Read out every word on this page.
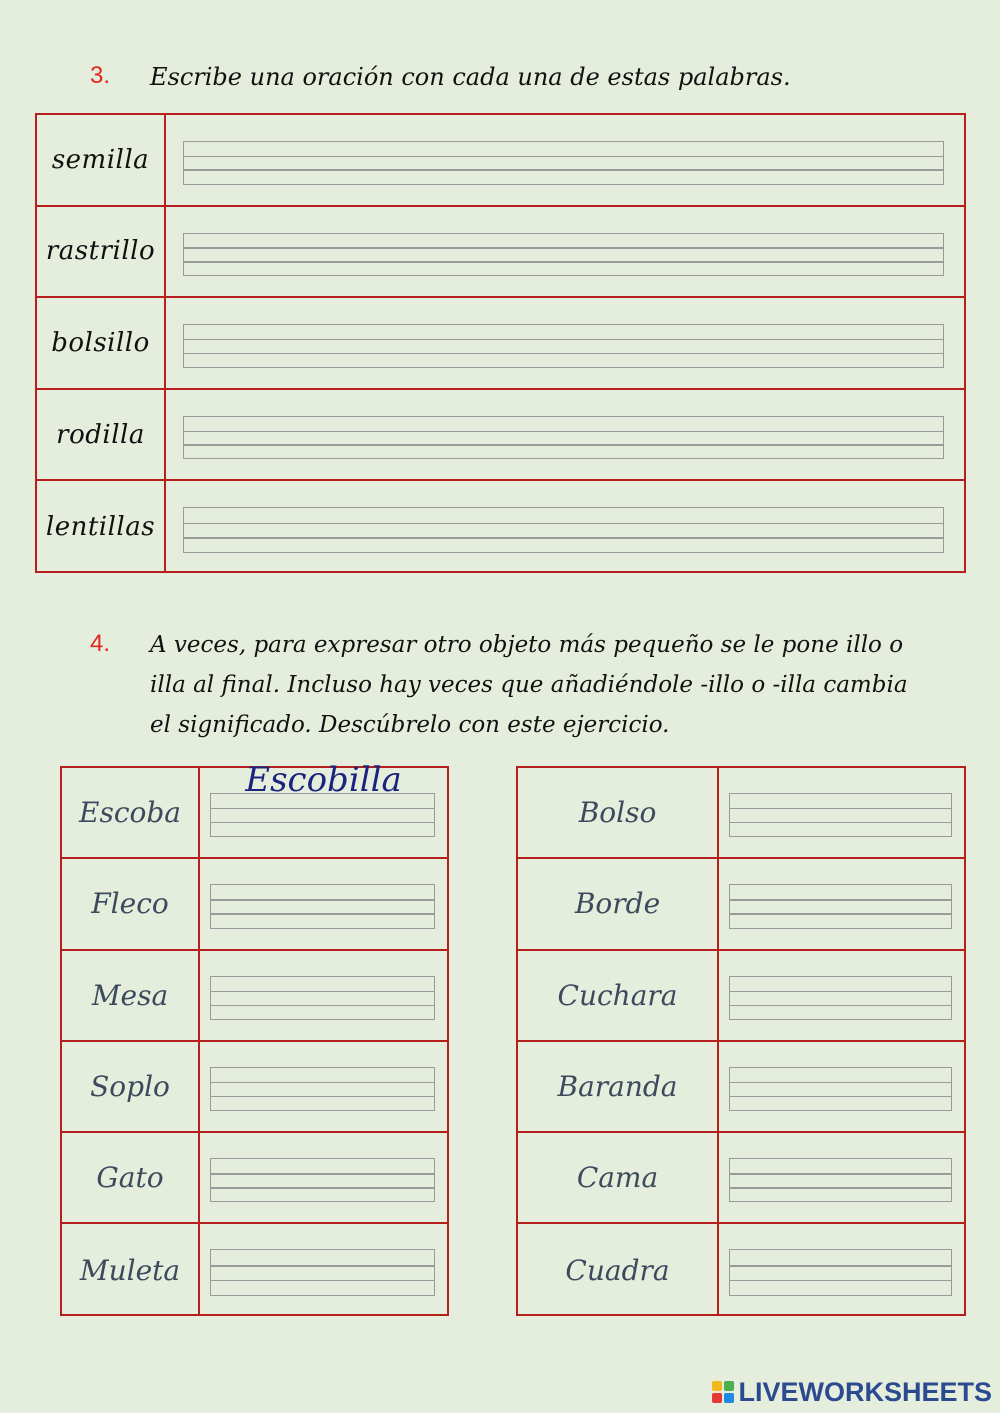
3. Escribe una oración con cada una de estas palabras.
semilla
rastrillo
bolsillo
rodilla
lentillas
4. A veces, para expresar otro objeto más pequeño se le pone illo o
illa al final. Incluso hay veces que añadiéndole -illo o -illa cambia
el significado. Descúbrelo con este ejercicio.
Escoba
Escobilla
Fleco
Mesa
Soplo
Gato
Muleta
Bolso
Borde
Cuchara
Baranda
Cama
Cuadra
LIVEWORKSHEETS
